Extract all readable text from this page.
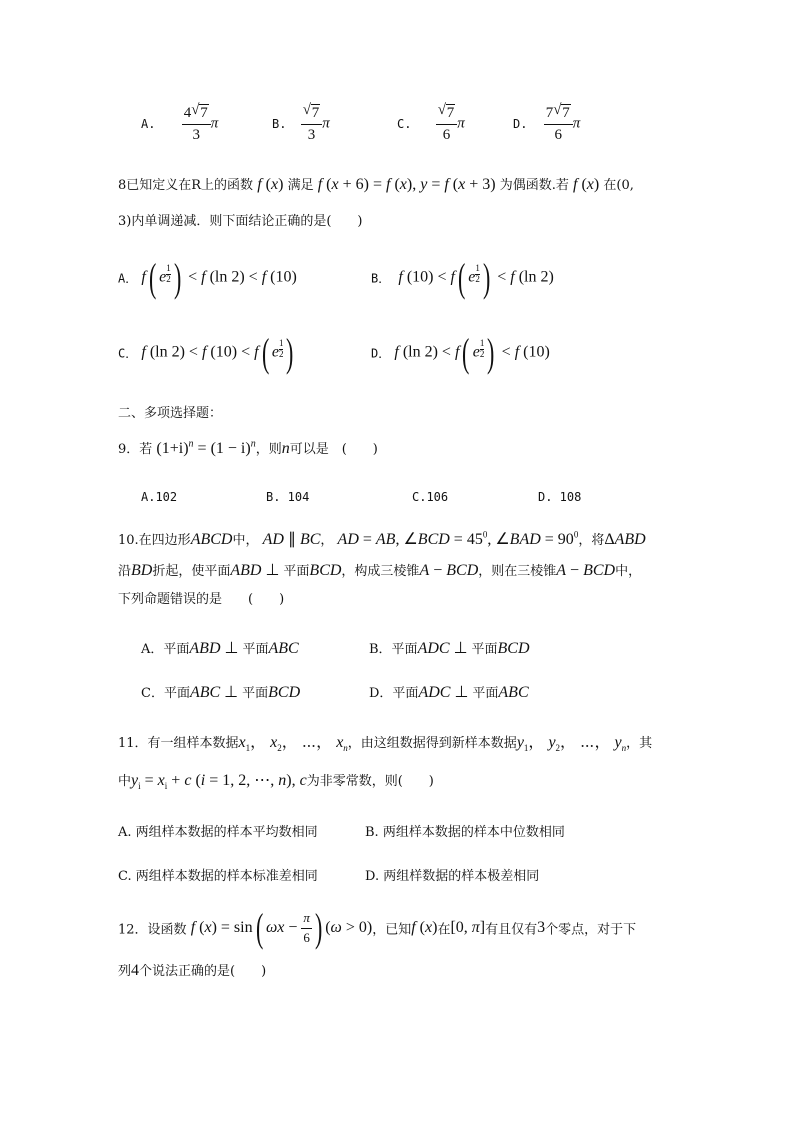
A. $\frac{4 √ 7}{3}$ π	B. $\frac{√ 7}{3}$ π	C. $\frac{√ 7}{6}$ π	D. $\frac{7 √ 7}{6}$ π
8已知定义在R上的函数 f (x) 满足 f (x + 6) = f (x), y = f (x + 3) 为偶函数.若 f (x) 在(0,
3)内单调递减．则下面结论正确的是(　　)
A． f( e $\frac{1}{2}$ ) < f (ln 2) < f (10)	B． f (10) < f( e $\frac{1}{2}$ ) < f (ln 2)
C． f (ln 2) < f (10) < f( e $\frac{1}{2}$ )	D． f (ln 2) < f( e $\frac{1}{2}$ ) < f (10)
二、多项选择题：
9．若 $(1+i)^n = (1 - i)^n$，则n可以是　(　　)
A.102	B. 104	C.106	D. 108
10.在四边形ABCD中， AD ∥ BC， AD = AB, ∠BCD = $45^0$, ∠BAD = $90^0$，将ΔABD
沿BD折起，使平面ABD ⊥ 平面BCD，构成三棱锥A − BCD，则在三棱锥A − BCD中，
下列命题错误的是　　(　　)
A．平面ABD ⊥ 平面ABC	B．平面ADC ⊥ 平面BCD
C．平面ABC ⊥ 平面BCD	D．平面ADC ⊥ 平面ABC
11．有一组样本数据$x_1$， $x_2$， ⋯， $x_n$，由这组数据得到新样本数据$y_1$， $y_2$， ⋯， $y_n$，其
中$y_i = x_i + c$ (i = 1, 2, ⋯, n), c为非零常数，则(　　)
A. 两组样本数据的样本平均数相同	B. 两组样本数据的样本中位数相同
C. 两组样本数据的样本标准差相同	D. 两组样数据的样本极差相同
12．设函数 f (x) = sin( $\omega x - \frac{\pi}{6}$ ) (ω > 0)，已知f (x)在[0, π]有且仅有3个零点，对于下
列4个说法正确的是(　　)
